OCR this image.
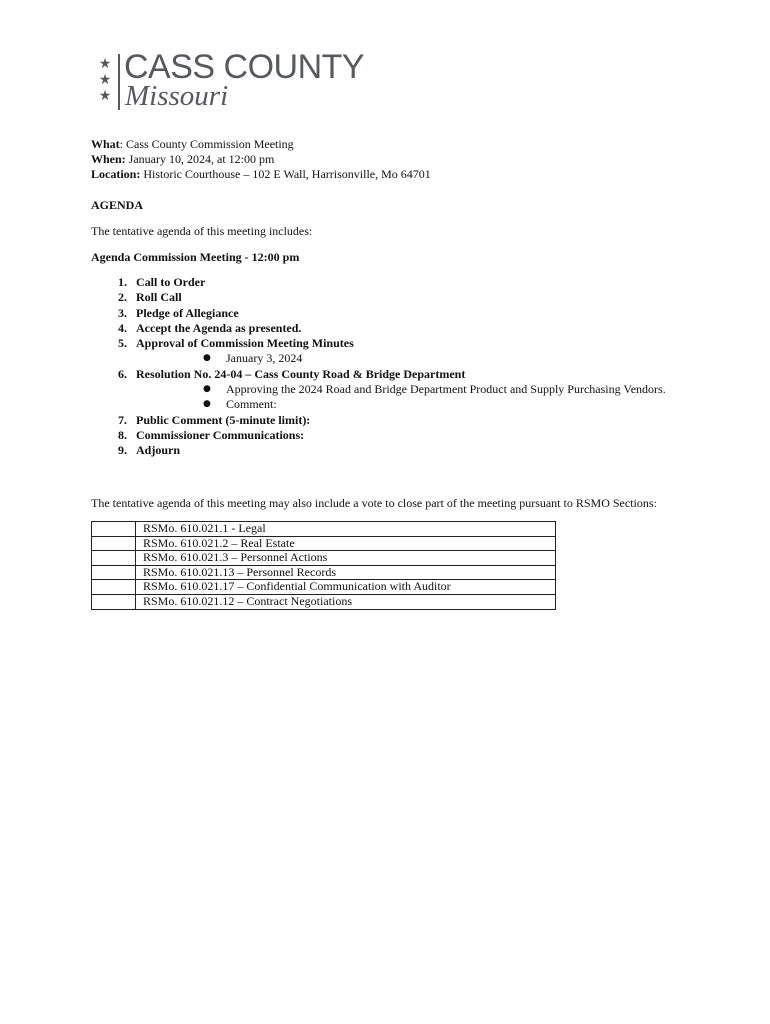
★
★
★
CASS COUNTY
Missouri
What: Cass County Commission Meeting
When: January 10, 2024, at 12:00 pm
Location: Historic Courthouse – 102 E Wall, Harrisonville, Mo 64701
AGENDA
The tentative agenda of this meeting includes:
Agenda Commission Meeting - 12:00 pm
1. Call to Order
2. Roll Call
3. Pledge of Allegiance
4. Accept the Agenda as presented.
5. Approval of Commission Meeting Minutes
● January 3, 2024
6. Resolution No. 24-04 – Cass County Road & Bridge Department
● Approving the 2024 Road and Bridge Department Product and Supply Purchasing Vendors.
● Comment:
7. Public Comment (5-minute limit):
8. Commissioner Communications:
9. Adjourn
The tentative agenda of this meeting may also include a vote to close part of the meeting pursuant to RSMO Sections:
	RSMo. 610.021.1 - Legal
	RSMo. 610.021.2 – Real Estate
	RSMo. 610.021.3 – Personnel Actions
	RSMo. 610.021.13 – Personnel Records
	RSMo. 610.021.17 – Confidential Communication with Auditor
	RSMo. 610.021.12 – Contract Negotiations
